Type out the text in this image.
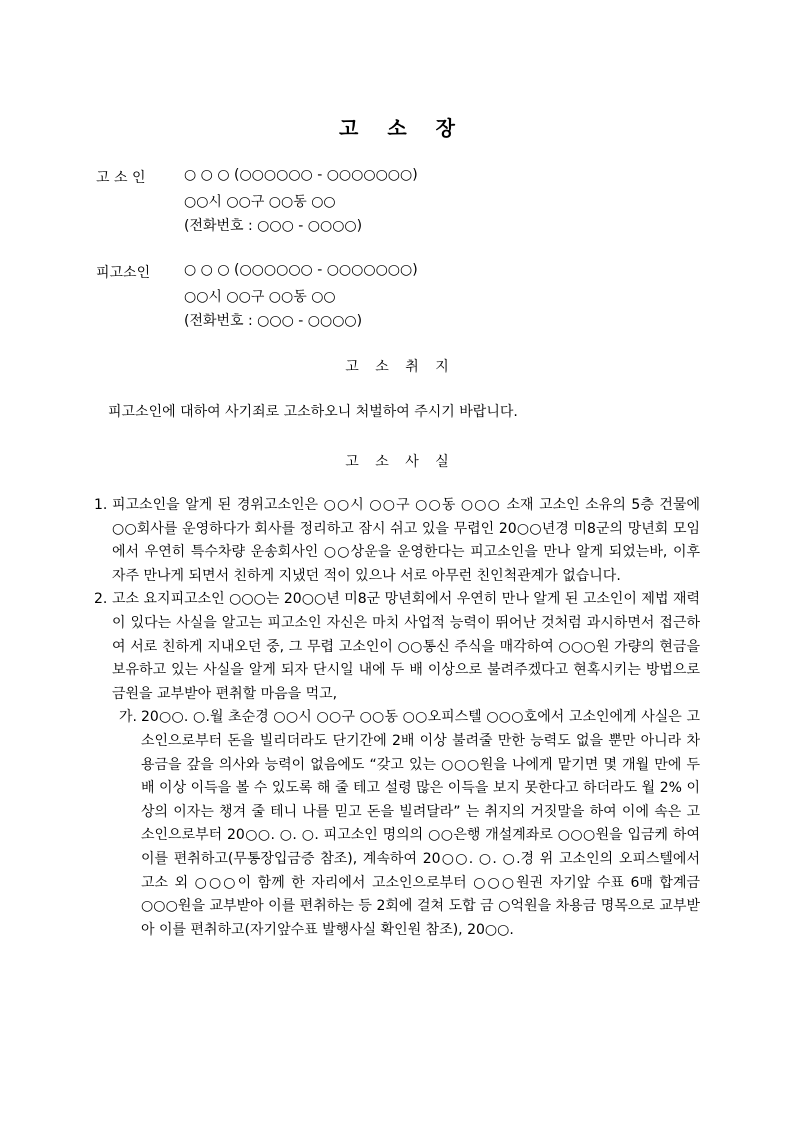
고 소 장
고 소 인	○ ○ ○ (○○○○○○ - ○○○○○○○)
○○시 ○○구 ○○동 ○○
(전화번호 : ○○○ - ○○○○)
피고소인	○ ○ ○ (○○○○○○ - ○○○○○○○)
○○시 ○○구 ○○동 ○○
(전화번호 : ○○○ - ○○○○)
고 소 취 지
피고소인에 대하여 사기죄로 고소하오니 처벌하여 주시기 바랍니다.
고 소 사 실

1. 피고소인을 알게 된 경위고소인은 ○○시 ○○구 ○○동 ○○○ 소재 고소인 소유의 5층 건물에 ○○회사를 운영하다가 회사를 정리하고 잠시 쉬고 있을 무렵인 20○○년경 미8군의 망년회 모임에서 우연히 특수차량 운송회사인 ○○상운을 운영한다는 피고소인을 만나 알게 되었는바, 이후 자주 만나게 되면서 친하게 지냈던 적이 있으나 서로 아무런 친인척관계가 없습니다.

2. 고소 요지피고소인 ○○○는 20○○년 미8군 망년회에서 우연히 만나 알게 된 고소인이 제법 재력이 있다는 사실을 알고는 피고소인 자신은 마치 사업적 능력이 뛰어난 것처럼 과시하면서 접근하여 서로 친하게 지내오던 중, 그 무렵 고소인이 ○○통신 주식을 매각하여 ○○○원 가량의 현금을 보유하고 있는 사실을 알게 되자 단시일 내에 두 배 이상으로 불려주겠다고 현혹시키는 방법으로 금원을 교부받아 편취할 마음을 먹고,

가. 20○○. ○.월 초순경 ○○시 ○○구 ○○동 ○○오피스텔 ○○○호에서 고소인에게 사실은 고소인으로부터 돈을 빌리더라도 단기간에 2배 이상 불려줄 만한 능력도 없을 뿐만 아니라 차용금을 갚을 의사와 능력이 없음에도 “갖고 있는 ○○○원을 나에게 맡기면 몇 개월 만에 두 배 이상 이득을 볼 수 있도록 해 줄 테고 설령 많은 이득을 보지 못한다고 하더라도 월 2% 이상의 이자는 챙겨 줄 테니 나를 믿고 돈을 빌려달라” 는 취지의 거짓말을 하여 이에 속은 고소인으로부터 20○○. ○. ○. 피고소인 명의의 ○○은행 개설계좌로 ○○○원을 입금케 하여 이를 편취하고(무통장입금증 참조), 계속하여 20○○. ○. ○.경 위 고소인의 오피스텔에서 고소 외 ○○○이 함께 한 자리에서 고소인으로부터 ○○○원권 자기앞 수표 6매 합계금 ○○○원을 교부받아 이를 편취하는 등 2회에 걸쳐 도합 금 ○억원을 차용금 명목으로 교부받아 이를 편취하고(자기앞수표 발행사실 확인원 참조), 20○○.
